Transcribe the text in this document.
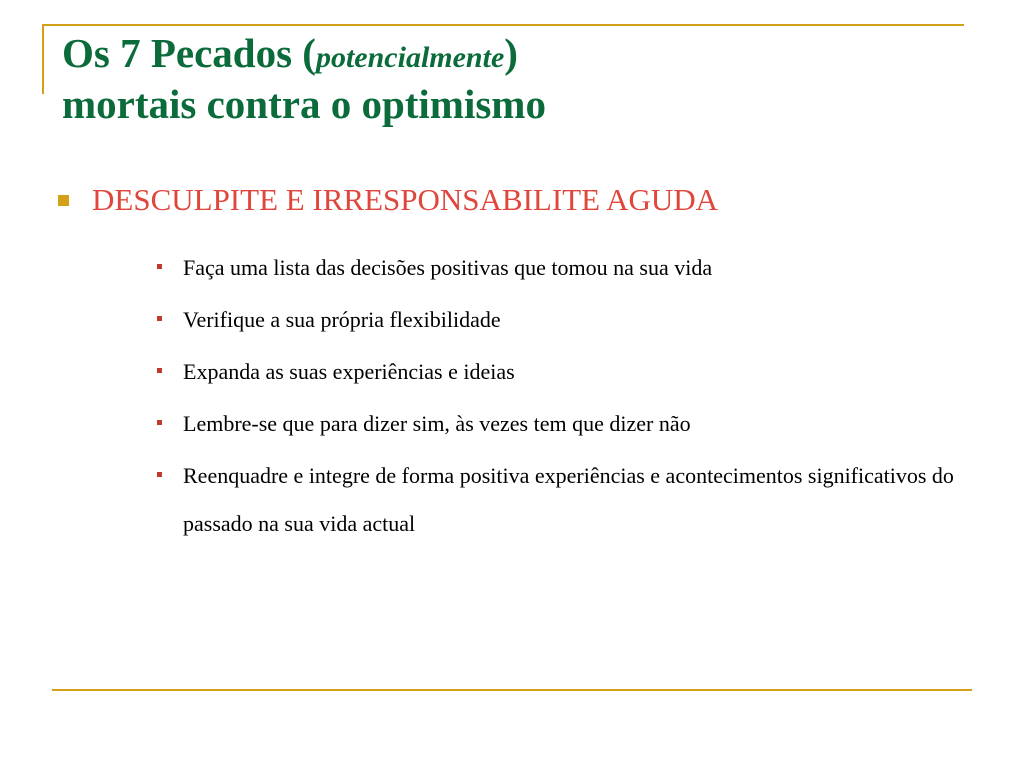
Os 7 Pecados (potencialmente)
mortais contra o optimismo
DESCULPITE E IRRESPONSABILITE AGUDA
Faça uma lista das decisões positivas que tomou na sua vida
Verifique a sua própria flexibilidade
Expanda as suas experiências e ideias
Lembre-se que para dizer sim, às vezes tem que dizer não
Reenquadre e integre de forma positiva experiências e acontecimentos significativos do passado na sua vida actual
